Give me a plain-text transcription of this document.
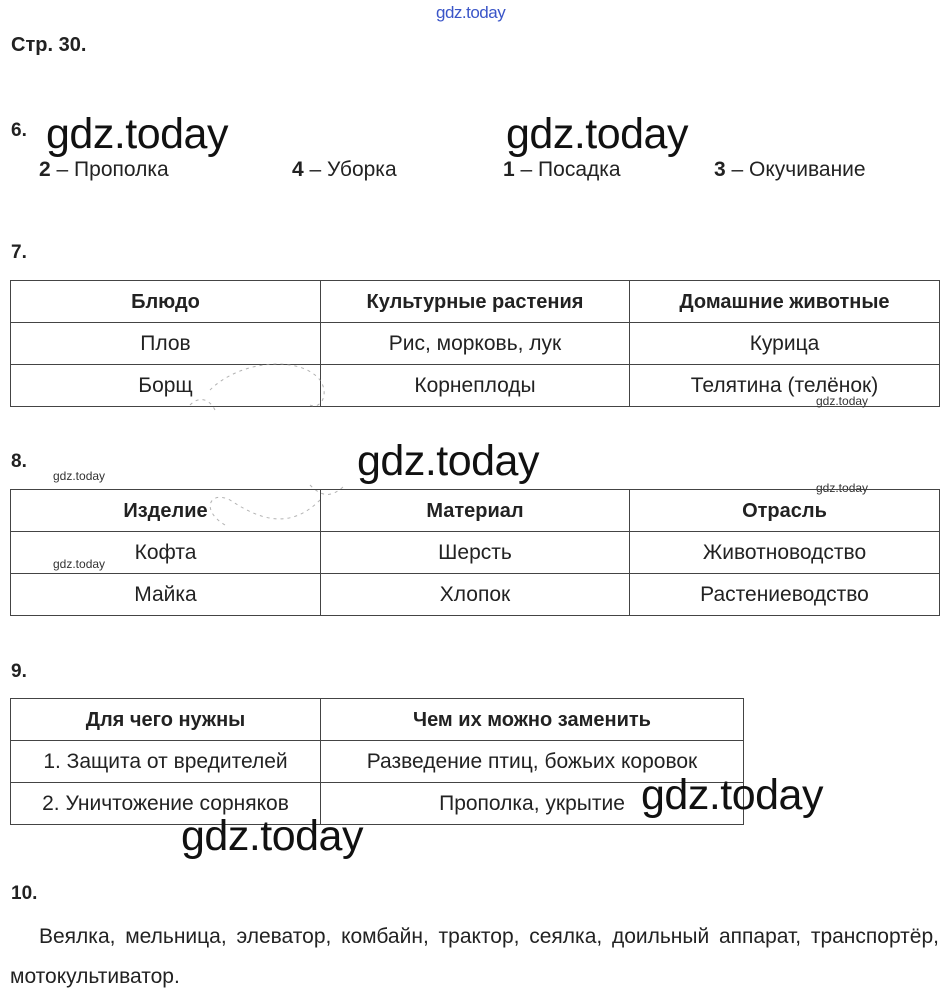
gdz.today
Стр. 30.
6. gdz.today	gdz.today
2 – Прополка	4 – Уборка	1 – Посадка	3 – Окучивание
7.
Блюдо	Культурные растения	Домашние животные
Плов	Рис, морковь, лук	Курица
Борщ	Корнеплоды	Телятина (телёнок)
gdz.today
8.
gdz.today	gdz.today
gdz.today
Изделие	Материал	Отрасль
Кофта	Шерсть	Животноводство
Майка	Хлопок	Растениеводство
gdz.today
9.
Для чего нужны	Чем их можно заменить
1. Защита от вредителей	Разведение птиц, божьих коровок
2. Уничтожение сорняков	Прополка, укрытие gdz.today
gdz.today
10.
Веялка, мельница, элеватор, комбайн, трактор, сеялка, доильный аппарат, транспортёр, мотокультиватор.
